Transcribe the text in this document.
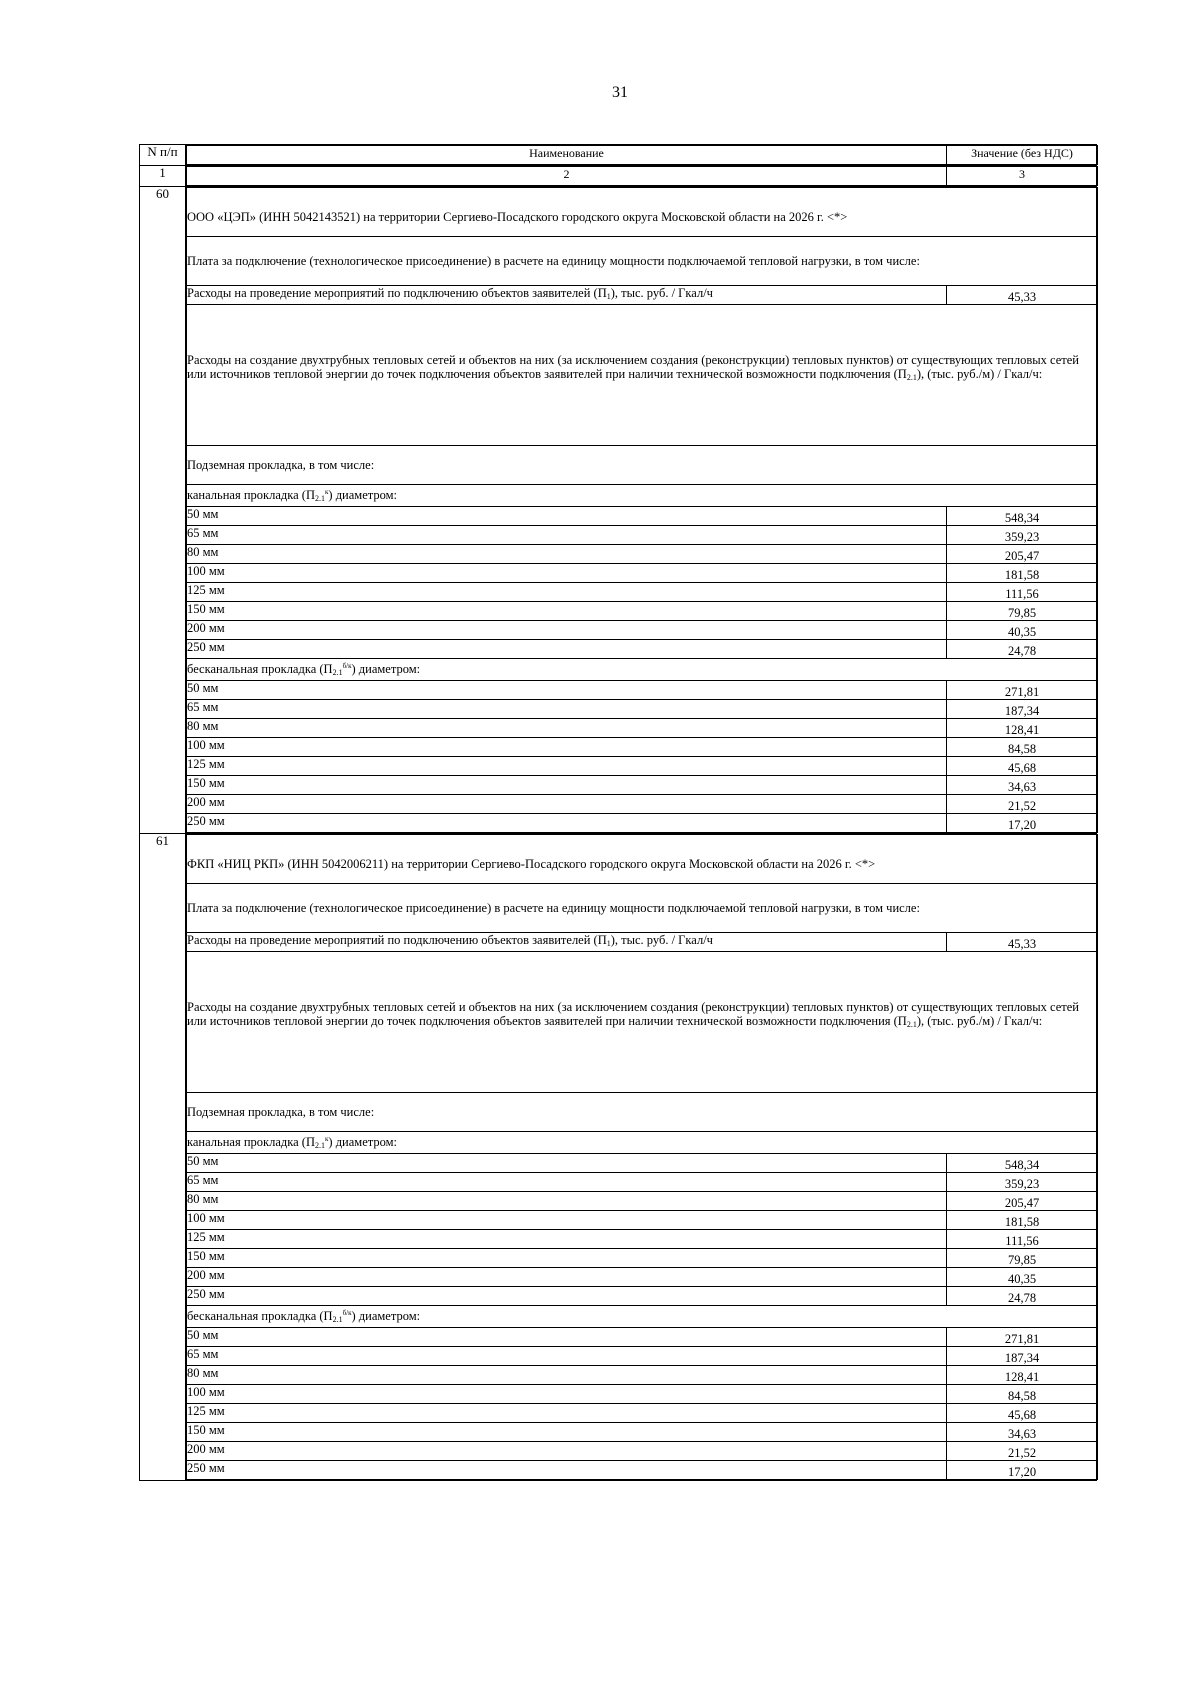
31
N п/п		Наименование	Значение (без НДС)

1		2	3

60	
ООО «ЦЭП» (ИНН 5042143521) на территории Сергиево-Посадского городского округа Московской области на 2026 г. <*>
Плата за подключение (технологическое присоединение) в расчете на единицу мощности подключаемой тепловой нагрузки, в том числе:
Расходы на проведение мероприятий по подключению объектов заявителей $(П_1)$, тыс. руб. / Гкал/ч	45,33
Расходы на создание двухтрубных тепловых сетей и объектов на них (за исключением создания (реконструкции) тепловых пунктов) от существующих тепловых сетей или источников тепловой энергии до точек подключения объектов заявителей при наличии технической возможности подключения $(П_{2.1})$, (тыс. руб./м) / Гкал/ч:
Подземная прокладка, в том числе:
канальная прокладка $(П_{2.1}^к)$ диаметром:
50 мм	548,34
65 мм	359,23
80 мм	205,47
100 мм	181,58
125 мм	111,56
150 мм	79,85
200 мм	40,35
250 мм	24,78
бесканальная прокладка $(П_{2.1}^{б/к})$ диаметром:
50 мм	271,81
65 мм	187,34
80 мм	128,41
100 мм	84,58
125 мм	45,68
150 мм	34,63
200 мм	21,52
250 мм	17,20

61	
ФКП «НИЦ РКП» (ИНН 5042006211) на территории Сергиево-Посадского городского округа Московской области на 2026 г. <*>
Плата за подключение (технологическое присоединение) в расчете на единицу мощности подключаемой тепловой нагрузки, в том числе:
Расходы на проведение мероприятий по подключению объектов заявителей $(П_1)$, тыс. руб. / Гкал/ч	45,33
Расходы на создание двухтрубных тепловых сетей и объектов на них (за исключением создания (реконструкции) тепловых пунктов) от существующих тепловых сетей или источников тепловой энергии до точек подключения объектов заявителей при наличии технической возможности подключения $(П_{2.1})$, (тыс. руб./м) / Гкал/ч:
Подземная прокладка, в том числе:
канальная прокладка $(П_{2.1}^к)$ диаметром:
50 мм	548,34
65 мм	359,23
80 мм	205,47
100 мм	181,58
125 мм	111,56
150 мм	79,85
200 мм	40,35
250 мм	24,78
бесканальная прокладка $(П_{2.1}^{б/к})$ диаметром:
50 мм	271,81
65 мм	187,34
80 мм	128,41
100 мм	84,58
125 мм	45,68
150 мм	34,63
200 мм	21,52
250 мм	17,20
